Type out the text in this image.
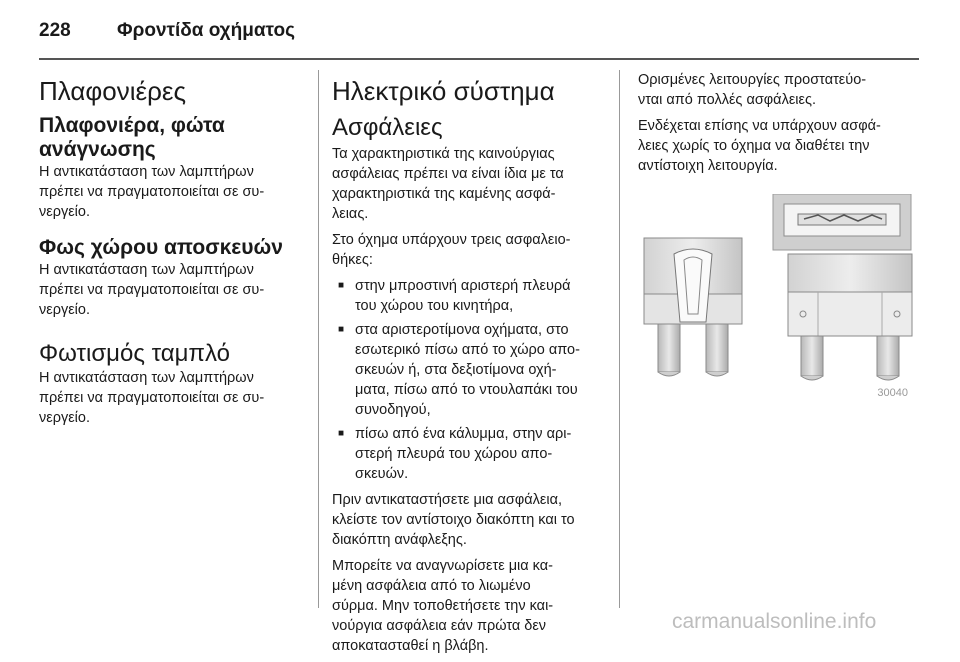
228 Φροντίδα οχήματος
Πλαφονιέρες
Πλαφονιέρα, φώτα ανάγνωσης

Η αντικατάσταση των λαμπτήρων
πρέπει να πραγματοποιείται σε συ-
νεργείο.

Φως χώρου αποσκευών

Η αντικατάσταση των λαμπτήρων
πρέπει να πραγματοποιείται σε συ-
νεργείο.

Φωτισμός ταμπλό

Η αντικατάσταση των λαμπτήρων
πρέπει να πραγματοποιείται σε συ-
νεργείο.

Ηλεκτρικό σύστημα
Ασφάλειες

Τα χαρακτηριστικά της καινούργιας
ασφάλειας πρέπει να είναι ίδια με τα
χαρακτηριστικά της καμένης ασφά-
λειας.

Στο όχημα υπάρχουν τρεις ασφαλειο-
θήκες:

■ στην μπροστινή αριστερή πλευρά
του χώρου του κινητήρα,
■ στα αριστεροτίμονα οχήματα, στο
εσωτερικό πίσω από το χώρο απο-
σκευών ή, στα δεξιοτίμονα οχή-
ματα, πίσω από το ντουλαπάκι του
συνοδηγού,
■ πίσω από ένα κάλυμμα, στην αρι-
στερή πλευρά του χώρου απο-
σκευών.

Πριν αντικαταστήσετε μια ασφάλεια,
κλείστε τον αντίστοιχο διακόπτη και το
διακόπτη ανάφλεξης.

Μπορείτε να αναγνωρίσετε μια κα-
μένη ασφάλεια από το λιωμένο
σύρμα. Μην τοποθετήσετε την και-
νούργια ασφάλεια εάν πρώτα δεν
αποκατασταθεί η βλάβη.

Ορισμένες λειτουργίες προστατεύο-
νται από πολλές ασφάλειες.

Ενδέχεται επίσης να υπάρχουν ασφά-
λειες χωρίς το όχημα να διαθέτει την
αντίστοιχη λειτουργία.

30040
carmanualsonline.info
